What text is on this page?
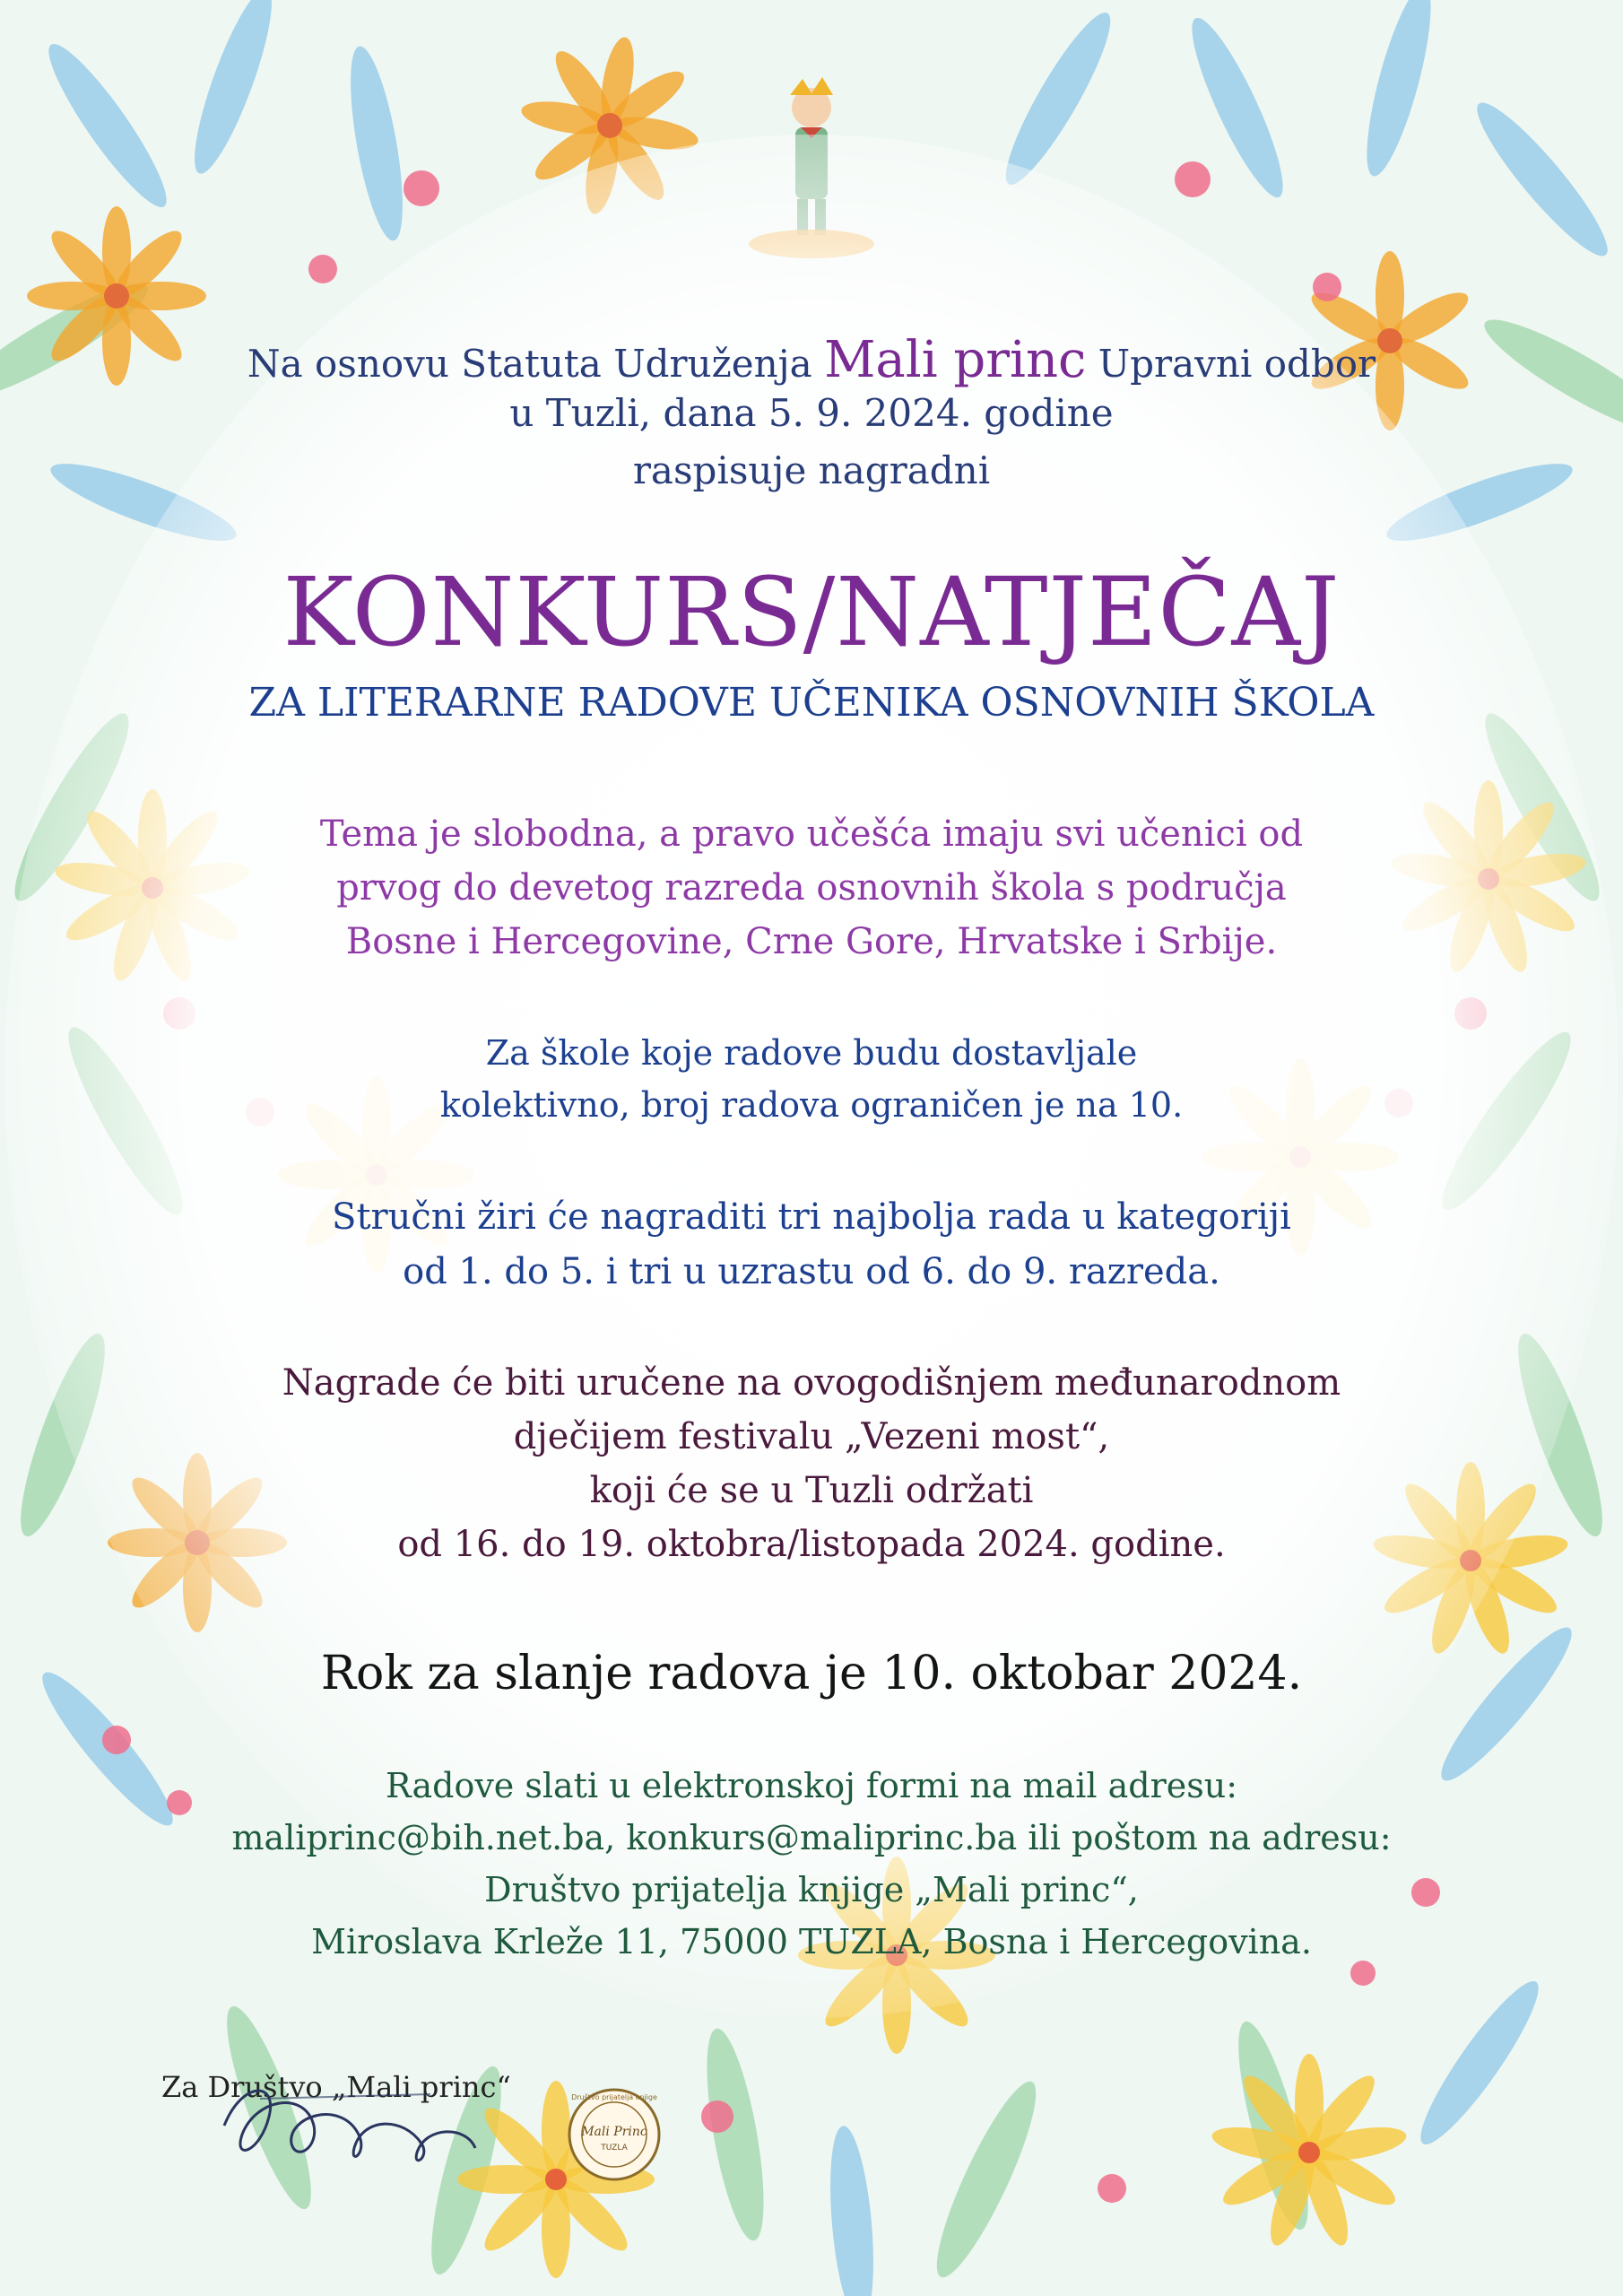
Na osnovu Statuta Udruženja Mali princ Upravni odbor
u Tuzli, dana 5. 9. 2024. godine
raspisuje nagradni
KONKURS/NATJEČAJ
ZA LITERARNE RADOVE UČENIKA OSNOVNIH ŠKOLA
Tema je slobodna, a pravo učešća imaju svi učenici od
prvog do devetog razreda osnovnih škola s područja
Bosne i Hercegovine, Crne Gore, Hrvatske i Srbije.
Za škole koje radove budu dostavljale
kolektivno, broj radova ograničen je na 10.
Stručni žiri će nagraditi tri najbolja rada u kategoriji
od 1. do 5. i tri u uzrastu od 6. do 9. razreda.
Nagrade će biti uručene na ovogodišnjem međunarodnom
dječijem festivalu „Vezeni most“,
koji će se u Tuzli održati
od 16. do 19. oktobra/listopada 2024. godine.
Rok za slanje radova je 10. oktobar 2024.
Radove slati u elektronskoj formi na mail adresu:
maliprinc@bih.net.ba, konkurs@maliprinc.ba ili poštom na adresu:
Društvo prijatelja knjige „Mali princ“,
Miroslava Krleže 11, 75000 TUZLA, Bosna i Hercegovina.
Za Društvo „Mali princ“	Društvo prijatelja knjige
Mali Princ
TUZLA
